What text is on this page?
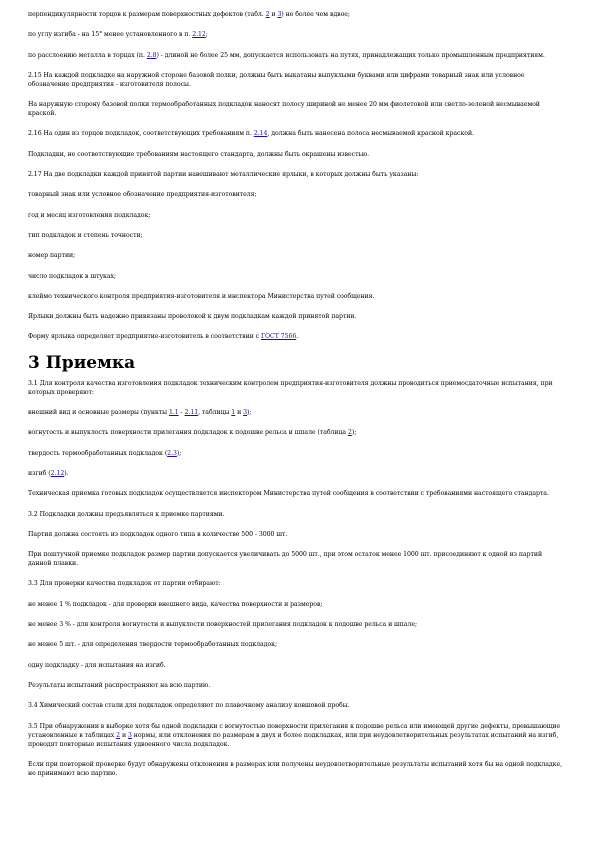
перпендикулярности торцов к размерам поверхностных дефектов (табл. 2 и 3) не более чем вдвое;

по углу изгиба - на 15° менее установленного в п. 2.12;

по расслоению металла в торцах (п. 2.8) - длиной не более 25 мм, допускается использовать на путях, принадлежащих только промышленным предприятиям.

2.15 На каждой подкладке на наружной стороне базовой полки, должны быть выкатаны выпуклыми буквами или цифрами товарный знак или условное обозначение предприятия - изготовителя полосы.

На наружную сторону базовой полки термообработанных подкладок наносят полосу шириной не менее 20 мм фиолетовой или светло-зеленой несмываемой краской.

2.16 На один из торцов подкладок, соответствующих требованиям п. 2.14, должна быть нанесена полоса несмываемой красной краской.

Подкладки, не соответствующие требованиям настоящего стандарта, должны быть окрашены известью.

2.17 На две подкладки каждой принятой партии навешивают металлические ярлыки, в которых должны быть указаны:

товарный знак или условное обозначение предприятия-изготовителя;

год и месяц изготовления подкладок;

тип подкладок и степень точности;

номер партии;

число подкладок в штуках;

клеймо технического контроля предприятия-изготовителя и инспектора Министерства путей сообщения.

Ярлыки должны быть надежно привязаны проволокой к двум подкладкам каждой принятой партии.

Форму ярлыка определяет предприятие-изготовитель в соответствии с ГОСТ 7566.

3 Приемка

3.1 Для контроля качества изготовления подкладок техническим контролем предприятия-изготовителя должны проводиться приемосдаточные испытания, при которых проверяют:

внешний вид и основные размеры (пункты 1.1 - 2.11, таблицы 1 и 3);

вогнутость и выпуклость поверхности прилегания подкладок к подошве рельса и шпале (таблица 2);

твердость термообработанных подкладок (2.3);

изгиб (2.12).

Техническая приемка готовых подкладок осуществляется инспектором Министерства путей сообщения в соответствии с требованиями настоящего стандарта.

3.2 Подкладки должны предъявляться к приемке партиями.

Партия должна состоять из подкладок одного типа в количестве 500 - 3000 шт.

При поштучной приемке подкладок размер партии допускается увеличивать до 5000 шт., при этом остаток менее 1000 шт. присоединяют к одной из партий данной плавки.

3.3 Для проверки качества подкладок от партии отбирают:

не менее 1 % подкладок - для проверки внешнего вида, качества поверхности и размеров;

не менее 3 % - для контроля вогнутости и выпуклости поверхностей прилегания подкладок к подошве рельса и шпале;

не менее 5 шт. - для определения твердости термообработанных подкладок;

одну подкладку - для испытания на изгиб.

Результаты испытаний распространяют на всю партию.

3.4 Химический состав стали для подкладок определяют по плавочному анализу ковшовой пробы.

3.5 При обнаружении в выборке хотя бы одной подкладки с вогнутостью поверхности прилегания к подошве рельса или имеющей другие дефекты, превышающие установленные в таблицах 2 и 3 нормы, или отклонения по размерам в двух и более подкладках, или при неудовлетворительных результатах испытаний на изгиб, проводят повторные испытания удвоенного числа подкладок.

Если при повторной проверке будут обнаружены отклонения в размерах или получены неудовлетворительные результаты испытаний хотя бы на одной подкладке, не принимают всю партию.
